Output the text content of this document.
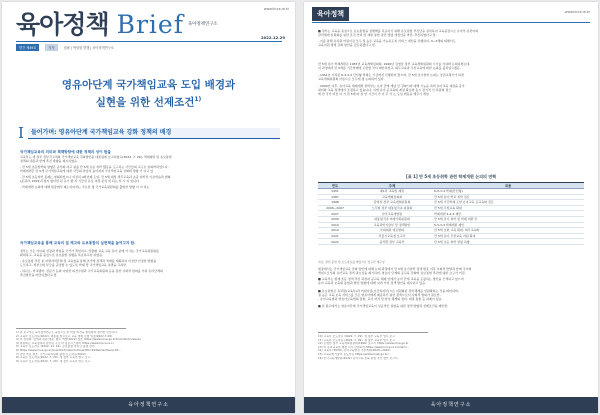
www.kicce.re.kr
육아정책 Brief 육아정책연구소
2022.12.29
발간 제49호	저자	집필 | 박성원 발행 | 육아정책연구소
영유아단계 국가책임교육 도입 배경과
실현을 위한 선제조건$^{1)}$
I	들어가며: 영유아단계 국가책임교육 강화 정책의 배경
국가책임교육의 의미와 책책방향에 대한 정책의 성이 함을
교육부는 새 정부 정부국고책의 국가책임교육 강화방안을 대통령에 보고하였고(2022. 7. 29), 책재의방 및 유보통합
정책의 내용과 함께 추진 방향을 제시하였음.
- 만 5세 초등합학의 방향은 공식화 하고 위를 만 5세 초등 취학 활동을 도구하는 국민들의 교구로 임의학되었으나,
학제개편은 만 5세 국가책임교육에 대한 국민의 관심이 높아지며 국가책임교육 강화의 방향 기 다고 있
- 만 5세 초등취학 문제는 철회되었으나 여전히 4학년제 도입, 만 5세 대상 책무교육과 초중 취학전 기초학습과 변화
(윤귀자, 2022)무설지 없다면 된 유기 향 지 기들선 유보 측정 분류 여 되는 부 시 지 입니다
- 학제개편 논의에 대해 현장에서 제소하여지는 주요한 쟁 국가교육위원회를 출범한 방향 이 이 하는
국가책임교육을 통해 교육의 질 제고와 유보통합의 실현책을 높여고자 함.
정부는 모든 아이의 성장과 학업을 국가가 책임지고, 맞춤형 교육 교육 유아 중에 가 하는 국가교육위원회를
확대하고, 교육을 중심으로 유보통합 실행을 목표하고자 하였음.
- 유보통합 추진 분 지방자치단체 및 교육청을 통해 조기에 정책과 책재를 계획하여 이전한 인정한 방향을
도모하고, 학부모와 부모를 공정할 수 있도록 학제 및 국가책임교육 측면을 고려한
- 하나로, 학교멤버, 전문가 등의 다양한 의견수렴과 국가교육위원회 등을 통한 사회적 합의를 거쳐 유아단계의
추진방안을 마련하겠다고 함
1) 본 보고서는 육아정책연구소 중심으로 한 학술 의견을 종합하여 정리한 것입니다.
2) 교육부 보도자료(2022), 대통령 업무보고 교육 개혁 수행 일정(2022.7.29)
3) 이 위원회, 정책과 위원 배분, 향후 역할(2022) 참조 https://www.moe.go.kr/boardCnt/view.do
4) 위원회는 교육정책과 관련된 주요 아 정보시스템의 https://www.kicce.re.kr
5) 교육부 보도자료 (2022, 11. 14). 유보통합 추진단 출범 관련
6) https://www.moe.go.kr/boardCnt/view.do?boardID=294&boardSeq=93...
7) 관련 자료 참조: 국가교육위원회 출범 보도자료(2022)
8) 교육부 보도자료(2022. 7. 29). 새 정부 교육부 업무 보고
9) 교육부 보도자료(2022. 7. 29). 새 정부 교육부 업무 보고
육아정책연구소
육아정책	www.kicce.re.kr
■ 정부는 교육을 중심으로 유보통합을 실행해를 목표하기 위해 유보통합 추진단을 설치하여 교육중심으로 유아부·유한이의
관리체계 일원화를 위한 조직·인력 및 재원 통합 관련 법령 개정안을 마련, 추진하였다고 함.
- 이를 통해 유치원·어린이집 모두 질 높은 교육을 가능하도록 서비스 개선을 진행하여, 0~2세의 대해서도
교육지원 체계 강화 방안을 검토하겠다고 함.
만 5세 유아 학제개편은 1987년 교육개혁심의회, 1996년 김영삼 정부 교육개혁위원회 시기를 거쳐와 논의하였는데,
이 과정에서 만 5세를 기간학제에 포함할 것이 제안되었고, 의무교육과 무상교육에 대한 논의를 불러일으켰음.
- 1951년 시작된 6-3-3-4 단선형 학제는 기금까지 진행되어 왔으며, 만 5세 조기취학 논의는 정권교체기가 되면
교육개혁위원회 이름으로 모두에 생 논의되어 있다.
- 2000년 이후, 유아교육 체제개편 관리부는 유아 단계 개념 인 강화시켜 대해 기능을 하며 유아교육 재정을 증가
대비와 교육 정책에서 조정하고 있습니다. 이에 유아 공교육의 재정 확보와 동시 장기적 인 차원의 접근
에 관 국가 비전 여 기 만 5세 바 관 안 시간이 가 이 주 가 는 도입 변동을 해주기 개념
[표 1] 만 5세 초등취학 관련 학제개편 논의의 연혁
연도	주체	내용
1951	제1차 교육법 제정	6-3-3-4 학제(단선형)
1987	교육개혁심의회	만 5세 유아 학교 취학 검토
1996	김영삼 정부 교육개혁위원회	만 5세 기간학제 포함 유아교육 공교육화 검토
2006~2007	노무현 정부 대통령직속 위원회	만 5세 무상교육 확대
2007	한국교육개발원	학제개편 4-4-4 제안
2009	대통령직속 미래기획위원회	만 5세 조기 취학 및 학제 개편 안
2010	교육과학기술부 및 정책방안	5-3-3-4 학제개편 제안
2019	국회의원 대표발의	만 5세 보편 교육 확대, 의무교육화
2021	서울시교육청 보고서	만 5세 유아 무상교육 지원 확대
2022	윤석열 정부 교육부	만 5세 초등 취학 연령 하향
자료: 관련 문헌 및 보도자료를 바탕으로 연구진 재구성
현장에서는 국가책임교육 강화 방안에 대해 논의 과정에서 만 5세 조기취학 정책 발표 이후 사회적 반발과 함께 국가의
책임으로서의 유아교육 정책 필요성을 제기하며, 영유아 단계의 공교육 강화와 유보통합 추진에 대한 요구가 커짐.
■ 교육부는 현재 초등 정책 추진 과정과 공교육 체제 안에서 유아 단계 교육을 포괄하는 방안을 모색하고 있으며
유아 교육과 보육의 통합과 발전 방향에 대해 여러 가지 정책 방안을 제시하고 있음.
■ 유보통합은 유치원(교육부)과 어린이집(보건복지부)으로 이원화된 관리체계를 일원화하는 것을 의미하며,
질 높은 교육·보육 서비스를 모든 영유아에게 제공하기 위한 정책으로서 사회적 합의가 필요함.
- 유아교육법과 영유아보육법의 통합, 교사 자격 및 양성 체계의 정비, 재정 통합 등 과제가 있음.
■ 본 원고에서는 영유아단계 국가책임교육이 성공적인 실현을 위한 정책 방향과 선제조건을 제안함.
10) 교육부 보도자료 (2022. 7. 29). 새 정부 교육부 업무 보고
11) 교육부 보도자료 (2022. 7. 29). 새 정부 교육부 업무 보고
12) 김영삼 정부 교육개혁위원회(1996) 보고서 https://www.moe.go.kr
13) 이 유아교육법 제정 시기 관련하여 https://www.kicce.re.kr/main/...
14) 교육부 (2020), 유아교육발전 기본계획(2020~2022)
15) 교육과학기술부 보도자료 https://www.mest.go.kr/...
16) 한국교육개발원(2022) 유아교육·보육 통합 추진 방안 보고서
육아정책연구소
